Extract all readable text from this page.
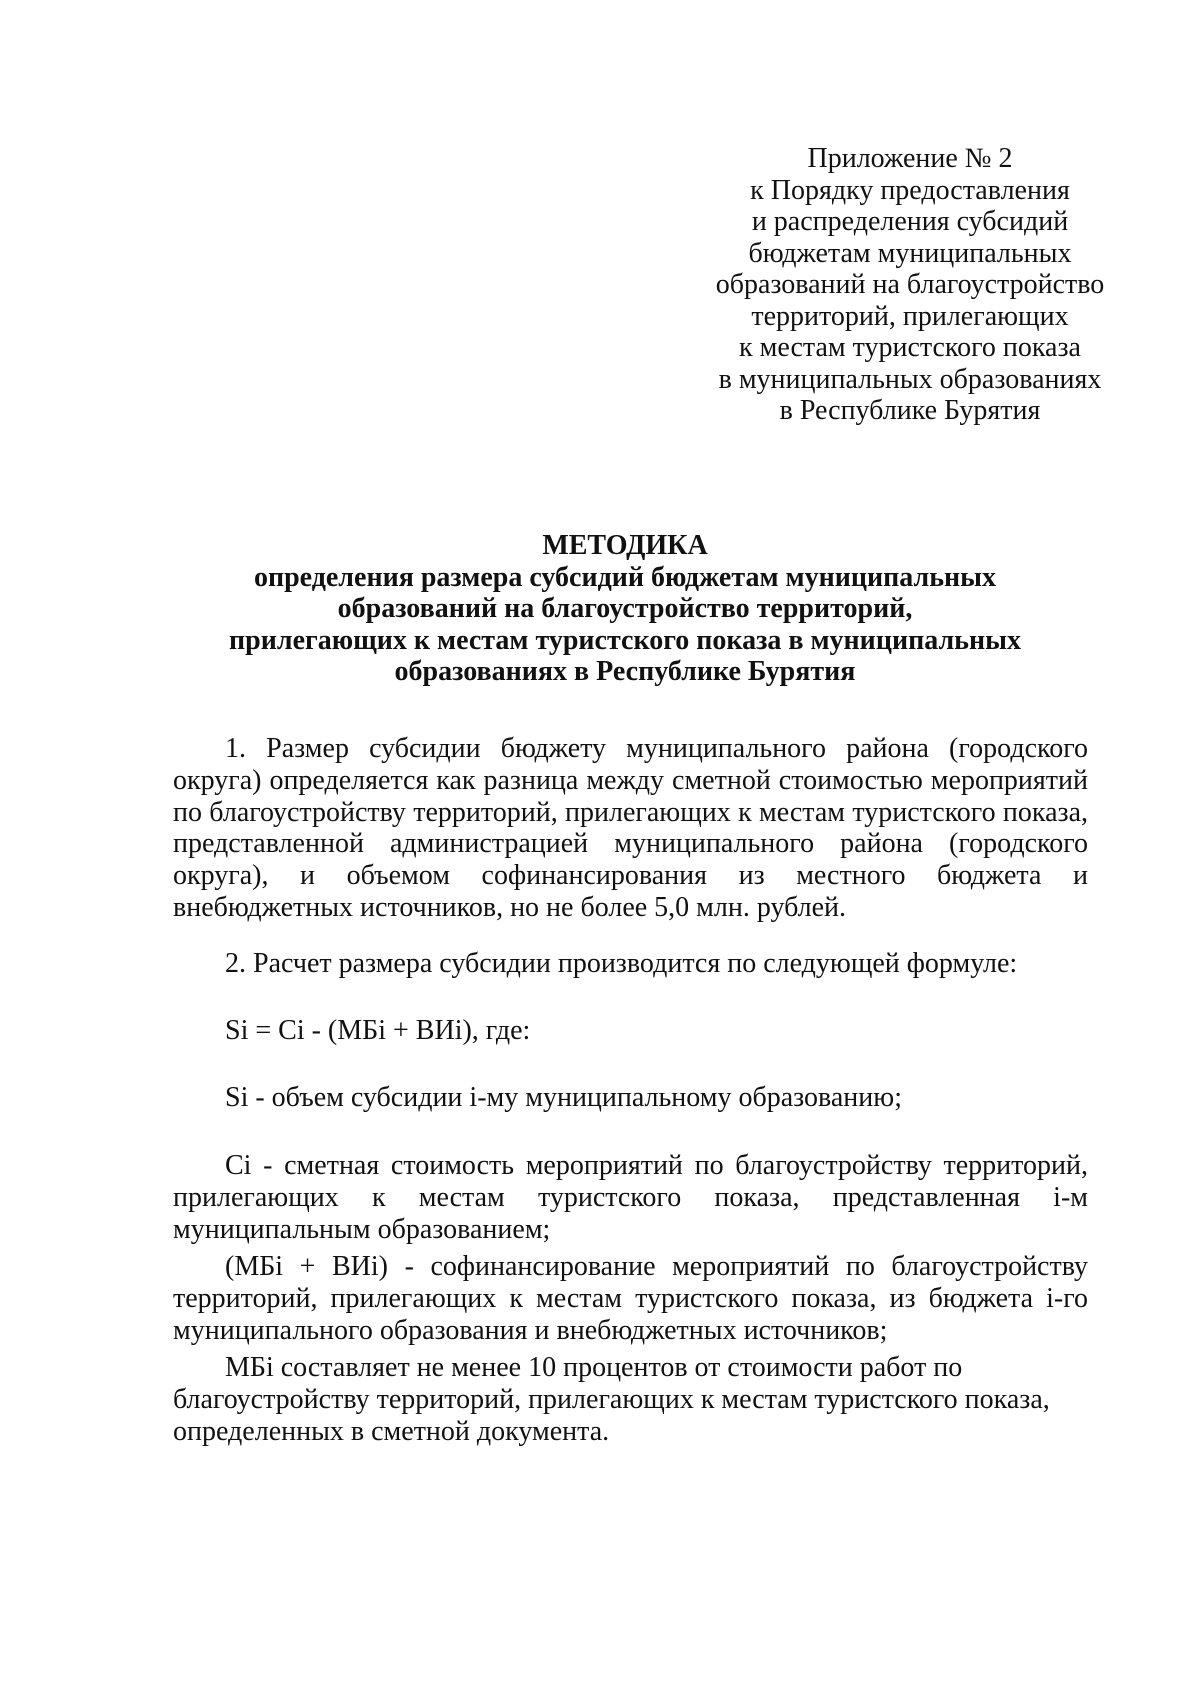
Приложение № 2
к Порядку предоставления
и распределения субсидий
бюджетам муниципальных
образований на благоустройство
территорий, прилегающих
к местам туристского показа
в муниципальных образованиях
в Республике Бурятия
МЕТОДИКА
определения размера субсидий бюджетам муниципальных
образований на благоустройство территорий,
прилегающих к местам туристского показа в муниципальных
образованиях в Республике Бурятия
1. Размер субсидии бюджету муниципального района (городского
округа) определяется как разница между сметной стоимостью мероприятий
по благоустройству территорий, прилегающих к местам туристского показа,
представленной администрацией муниципального района (городского
округа), и объемом софинансирования из местного бюджета и
внебюджетных источников, но не более 5,0 млн. рублей.
2. Расчет размера субсидии производится по следующей формуле:
Si = Ci - (МБi + ВИi), где:
Si - объем субсидии i-му муниципальному образованию;
Ci - сметная стоимость мероприятий по благоустройству территорий,
прилегающих к местам туристского показа, представленная i-м
муниципальным образованием;
(МБi + ВИi) - софинансирование мероприятий по благоустройству
территорий, прилегающих к местам туристского показа, из бюджета i-го
муниципального образования и внебюджетных источников;
МБi составляет не менее 10 процентов от стоимости работ по
благоустройству территорий, прилегающих к местам туристского показа,
определенных в сметной документа.
